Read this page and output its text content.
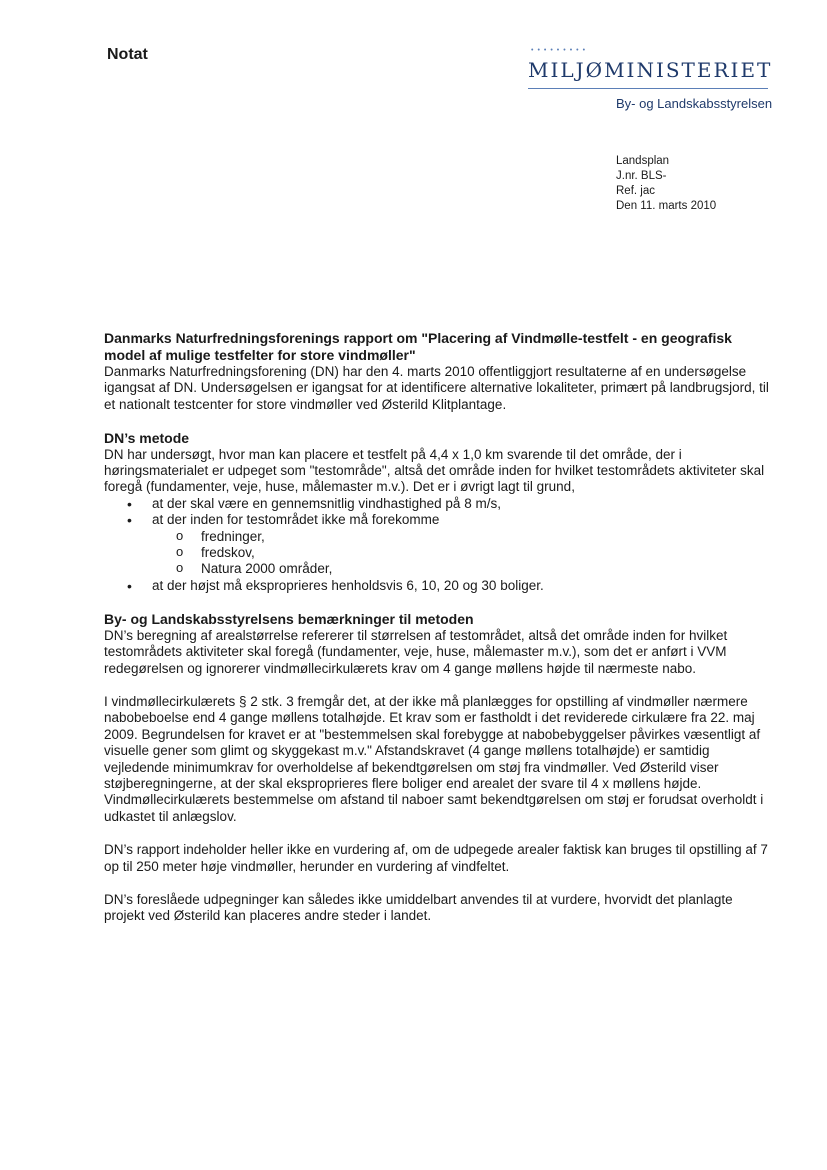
Notat	•••••••••
MILJØMINISTERIET
By- og Landskabsstyrelsen
Landsplan
J.nr. BLS-
Ref. jac
Den 11. marts 2010

Danmarks Naturfredningsforenings rapport om "Placering af Vindmølle-testfelt - en geografisk model af mulige testfelter for store vindmøller"

Danmarks Naturfredningsforening (DN) har den 4. marts 2010 offentliggjort resultaterne af en undersøgelse igangsat af DN. Undersøgelsen er igangsat for at identificere alternative lokaliteter, primært på landbrugsjord, til et nationalt testcenter for store vindmøller ved Østerild Klitplantage.

DN’s metode

DN har undersøgt, hvor man kan placere et testfelt på 4,4 x 1,0 km svarende til det område, der i høringsmaterialet er udpeget som "testområde", altså det område inden for hvilket testområdets aktiviteter skal foregå (fundamenter, veje, huse, målemaster m.v.). Det er i øvrigt lagt til grund,

• at der skal være en gennemsnitlig vindhastighed på 8 m/s,
• at der inden for testområdet ikke må forekomme
o fredninger,
o fredskov,
o Natura 2000 områder,
• at der højst må eksproprieres henholdsvis 6, 10, 20 og 30 boliger.

By- og Landskabsstyrelsens bemærkninger til metoden

DN’s beregning af arealstørrelse refererer til størrelsen af testområdet, altså det område inden for hvilket testområdets aktiviteter skal foregå (fundamenter, veje, huse, målemaster m.v.), som det er anført i VVM redegørelsen og ignorerer vindmøllecirkulærets krav om 4 gange møllens højde til nærmeste nabo.

I vindmøllecirkulærets § 2 stk. 3 fremgår det, at der ikke må planlægges for opstilling af vindmøller nærmere nabobeboelse end 4 gange møllens totalhøjde. Et krav som er fastholdt i det reviderede cirkulære fra 22. maj 2009. Begrundelsen for kravet er at "bestemmelsen skal forebygge at nabobebyggelser påvirkes væsentligt af visuelle gener som glimt og skyggekast m.v." Afstandskravet (4 gange møllens totalhøjde) er samtidig vejledende minimumkrav for overholdelse af bekendtgørelsen om støj fra vindmøller. Ved Østerild viser støjberegningerne, at der skal eksproprieres flere boliger end arealet der svare til 4 x møllens højde. Vindmøllecirkulærets bestemmelse om afstand til naboer samt bekendtgørelsen om støj er forudsat overholdt i udkastet til anlægslov.

DN’s rapport indeholder heller ikke en vurdering af, om de udpegede arealer faktisk kan bruges til opstilling af 7 op til 250 meter høje vindmøller, herunder en vurdering af vindfeltet.

DN’s foreslåede udpegninger kan således ikke umiddelbart anvendes til at vurdere, hvorvidt det planlagte projekt ved Østerild kan placeres andre steder i landet.
